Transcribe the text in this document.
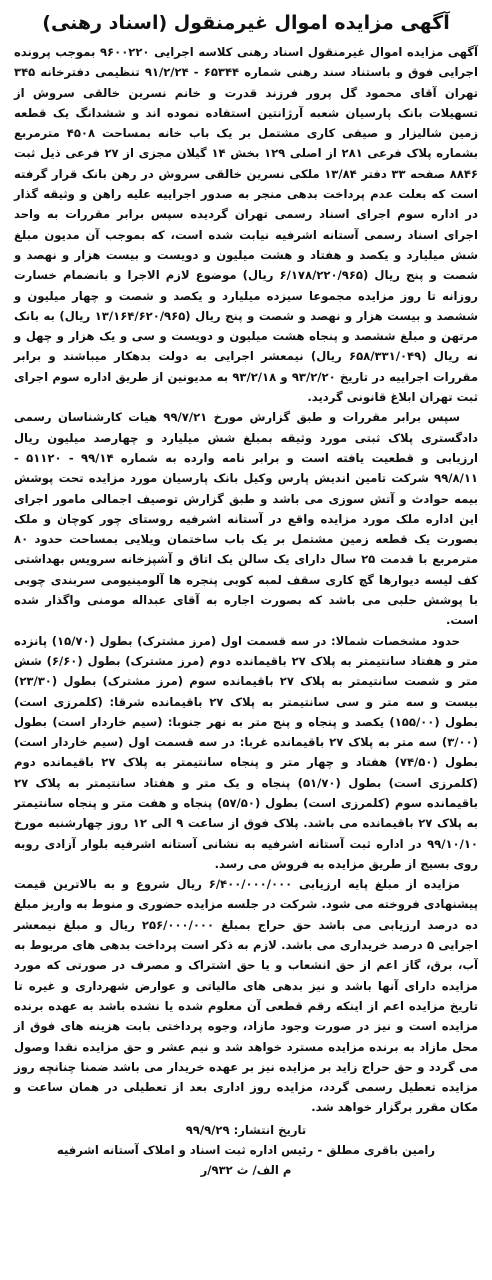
آگهی مزایده اموال غیرمنقول (اسناد رهنی)

آگهی مزایده اموال غیرمنقول اسناد رهنی کلاسه اجرایی ۹۶۰۰۲۲۰ بموجب پرونده اجرایی فوق و باستناد سند رهنی شماره ۶۵۳۴۴ - ۹۱/۲/۲۴ تنظیمی دفترخانه ۳۴۵ تهران آقای محمود گل پرور فرزند قدرت و خانم نسرین خالقی سروش از تسهیلات بانک پارسیان شعبه آرژانتین استفاده نموده اند و ششدانگ یک قطعه زمین شالیزار و صیفی کاری مشتمل بر یک باب خانه بمساحت ۴۵۰۸ مترمربع بشماره پلاک فرعی ۲۸۱ از اصلی ۱۲۹ بخش ۱۴ گیلان مجزی از ۲۷ فرعی ذیل ثبت ۸۸۴۶ صفحه ۳۳ دفتر ۱۳/۸۴ ملکی نسرین خالقی سروش در رهن بانک قرار گرفته است که بعلت عدم پرداخت بدهی منجر به صدور اجراییه علیه راهن و وثیقه گذار در اداره سوم اجرای اسناد رسمی تهران گردیده سپس برابر مقررات به واحد اجرای اسناد رسمی آستانه اشرفیه نیابت شده است، که بموجب آن مدیون مبلغ شش میلیارد و یکصد و هفتاد و هشت میلیون و دویست و بیست هزار و نهصد و شصت و پنج ریال (۶/۱۷۸/۲۲۰/۹۶۵ ریال) موضوع لازم الاجرا و بانضمام خسارت روزانه تا روز مزایده مجموعا سیزده میلیارد و یکصد و شصت و چهار میلیون و ششصد و بیست هزار و نهصد و شصت و پنج ریال (۱۳/۱۶۴/۶۲۰/۹۶۵ ریال) به بانک مرتهن و مبلغ ششصد و پنجاه هشت میلیون و دویست و سی و یک هزار و چهل و نه ریال (۶۵۸/۳۳۱/۰۴۹ ریال) نیمعشر اجرایی به دولت بدهکار میباشند و برابر مقررات اجراییه در تاریخ ۹۳/۲/۲۰ و ۹۳/۲/۱۸ به مدیونین از طریق اداره سوم اجرای ثبت تهران ابلاغ قانونی گردید.

سپس برابر مقررات و طبق گزارش مورخ ۹۹/۷/۲۱ هیات کارشناسان رسمی دادگستری پلاک ثبتی مورد وثیقه بمبلغ شش میلیارد و چهارصد میلیون ریال ارزیابی و قطعیت یافته است و برابر نامه وارده به شماره ۹۹/۱۴ - ۵۱۱۲۰ - ۹۹/۸/۱۱ شرکت تامین اندیش پارس وکیل بانک پارسیان مورد مزایده تحت پوشش بیمه حوادث و آتش سوزی می باشد و طبق گزارش توصیف اجمالی مامور اجرای این اداره ملک مورد مزایده واقع در آستانه اشرفیه روستای چور کوچان و ملک بصورت یک قطعه زمین مشتمل بر یک باب ساختمان ویلایی بمساحت حدود ۸۰ مترمربع با قدمت ۲۵ سال دارای یک سالن یک اتاق و آشپزخانه سرویس بهداشتی کف لیسه دیوارها گچ کاری سقف لمبه کوبی پنجره ها آلومینیومی سربندی چوبی با پوشش حلبی می باشد که بصورت اجاره به آقای عبداله مومنی واگذار شده است.

حدود مشخصات شمالا: در سه قسمت اول (مرز مشترک) بطول (۱۵/۷۰) پانزده متر و هفتاد سانتیمتر به پلاک ۲۷ باقیمانده دوم (مرز مشترک) بطول (۶/۶۰) شش متر و شصت سانتیمتر به پلاک ۲۷ باقیمانده سوم (مرز مشترک) بطول (۲۳/۳۰) بیست و سه متر و سی سانتیمتر به پلاک ۲۷ باقیمانده شرقا: (کلمرزی است) بطول (۱۵۵/۰۰) یکصد و پنجاه و پنج متر به نهر جنوبا: (سیم خاردار است) بطول (۳/۰۰) سه متر به پلاک ۲۷ باقیمانده غربا: در سه قسمت اول (سیم خاردار است) بطول (۷۴/۵۰) هفتاد و چهار متر و پنجاه سانتیمتر به پلاک ۲۷ باقیمانده دوم (کلمرزی است) بطول (۵۱/۷۰) پنجاه و یک متر و هفتاد سانتیمتر به پلاک ۲۷ باقیمانده سوم (کلمرزی است) بطول (۵۷/۵۰) پنجاه و هفت متر و پنجاه سانتیمتر به پلاک ۲۷ باقیمانده می باشد. پلاک فوق از ساعت ۹ الی ۱۲ روز چهارشنبه مورخ ۹۹/۱۰/۱۰ در اداره ثبت آستانه اشرفیه به نشانی آستانه اشرفیه بلوار آزادی روبه روی بسیج از طریق مزایده به فروش می رسد.

مزایده از مبلغ پایه ارزیابی ۶/۴۰۰/۰۰۰/۰۰۰ ریال شروع و به بالاترین قیمت پیشنهادی فروخته می شود. شرکت در جلسه مزایده حضوری و منوط به واریز مبلغ ده درصد ارزیابی می باشد حق حراج بمبلغ ۲۵۶/۰۰۰/۰۰۰ ریال و مبلغ نیمعشر اجرایی ۵ درصد خریداری می باشد. لازم به ذکر است پرداخت بدهی های مربوط به آب، برق، گاز اعم از حق انشعاب و یا حق اشتراک و مصرف در صورتی که مورد مزایده دارای آنها باشد و نیز بدهی های مالیاتی و عوارض شهرداری و غیره تا تاریخ مزایده اعم از اینکه رقم قطعی آن معلوم شده یا نشده باشد به عهده برنده مزایده است و نیز در صورت وجود مازاد، وجوه پرداختی بابت هزینه های فوق از محل مازاد به برنده مزایده مسترد خواهد شد و نیم عشر و حق مزایده نقدا وصول می گردد و حق حراج زاید بر مزایده نیز بر عهده خریدار می باشد ضمنا چنانچه روز مزایده تعطیل رسمی گردد، مزایده روز اداری بعد از تعطیلی در همان ساعت و مکان مقرر برگزار خواهد شد.

تاریخ انتشار: ۹۹/۹/۲۹
رامین باقری مطلق - رئیس اداره ثبت اسناد و املاک آستانه اشرفیه
م الف/ ث ۹۳۲/ر
